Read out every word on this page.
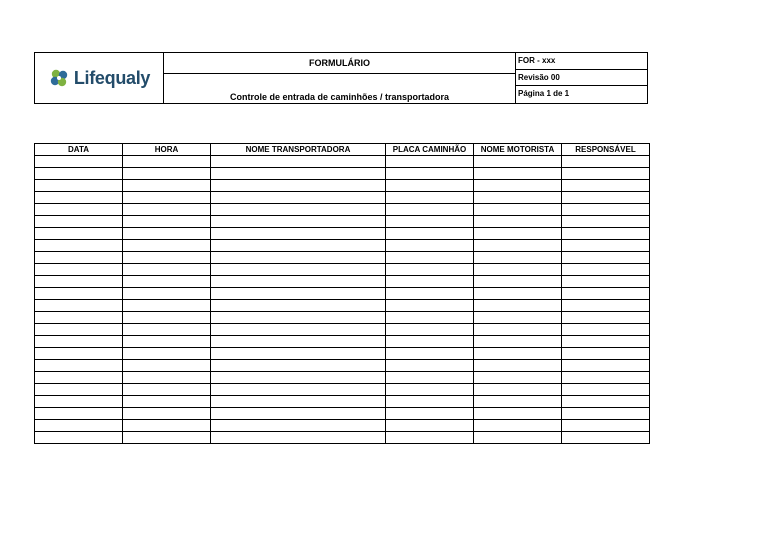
Lifequaly
FORMULÁRIO
Controle de entrada de caminhões / transportadora
FOR - xxx
Revisão 00
Página 1 de 1
DATA	HORA	NOME TRANSPORTADORA	PLACA CAMINHÃO	NOME MOTORISTA	RESPONSÁVEL
